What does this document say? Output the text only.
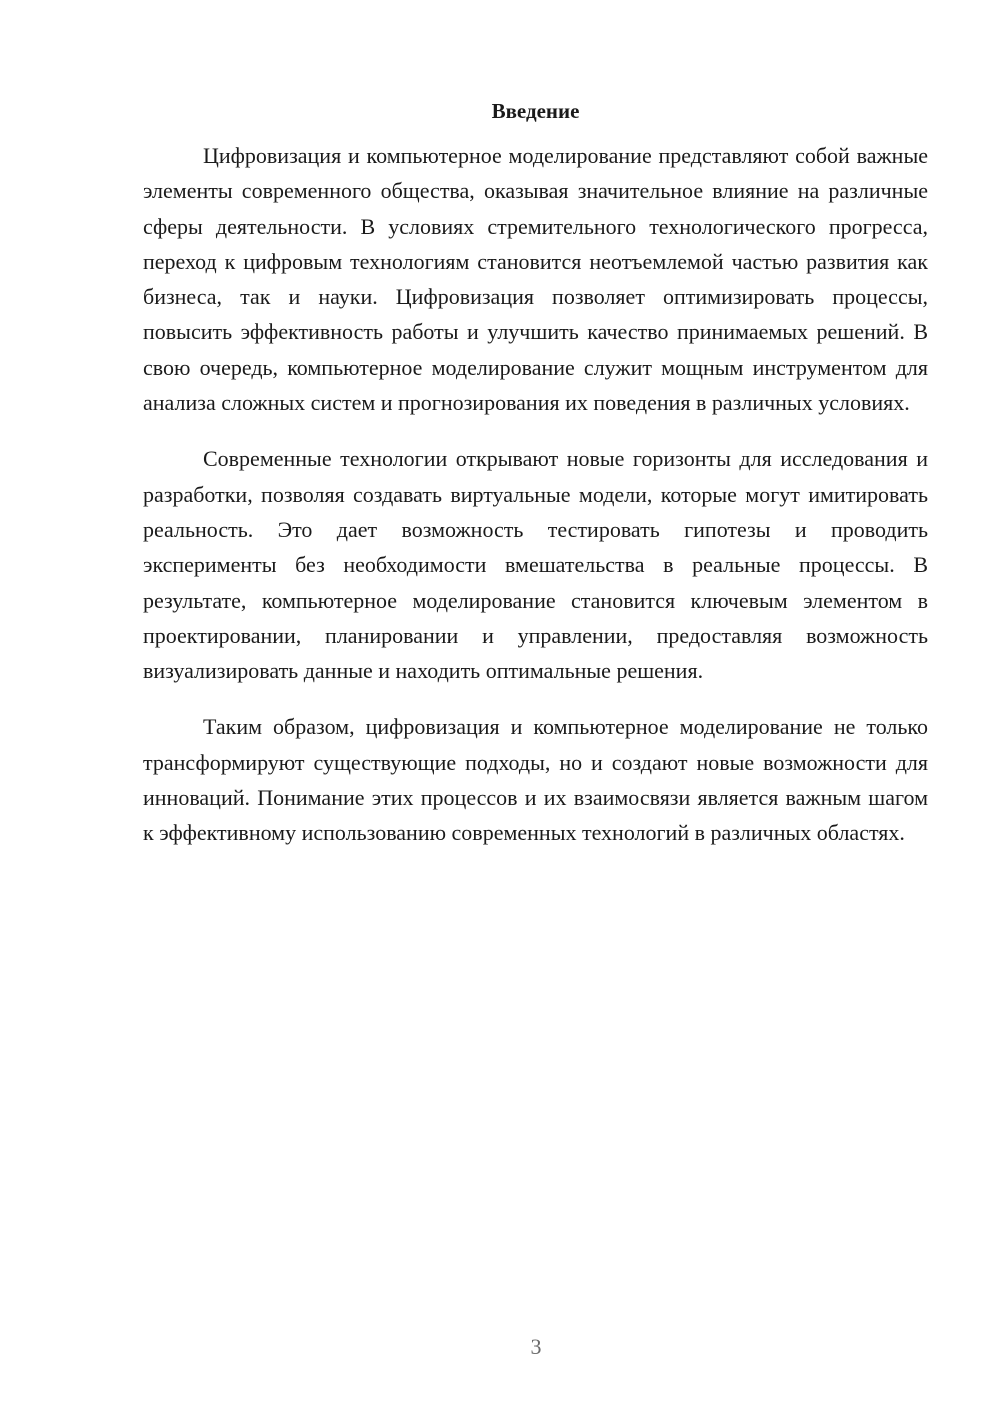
Введение

Цифровизация и компьютерное моделирование представляют собой важные элементы современного общества, оказывая значительное влияние на различные сферы деятельности. В условиях стремительного технологического прогресса, переход к цифровым технологиям становится неотъемлемой частью развития как бизнеса, так и науки. Цифровизация позволяет оптимизировать процессы, повысить эффективность работы и улучшить качество принимаемых решений. В свою очередь, компьютерное моделирование служит мощным инструментом для анализа сложных систем и прогнозирования их поведения в различных условиях.

Современные технологии открывают новые горизонты для исследования и разработки, позволяя создавать виртуальные модели, которые могут имитировать реальность. Это дает возможность тестировать гипотезы и проводить эксперименты без необходимости вмешательства в реальные процессы. В результате, компьютерное моделирование становится ключевым элементом в проектировании, планировании и управлении, предоставляя возможность визуализировать данные и находить оптимальные решения.

Таким образом, цифровизация и компьютерное моделирование не только трансформируют существующие подходы, но и создают новые возможности для инноваций. Понимание этих процессов и их взаимосвязи является важным шагом к эффективному использованию современных технологий в различных областях.

3
